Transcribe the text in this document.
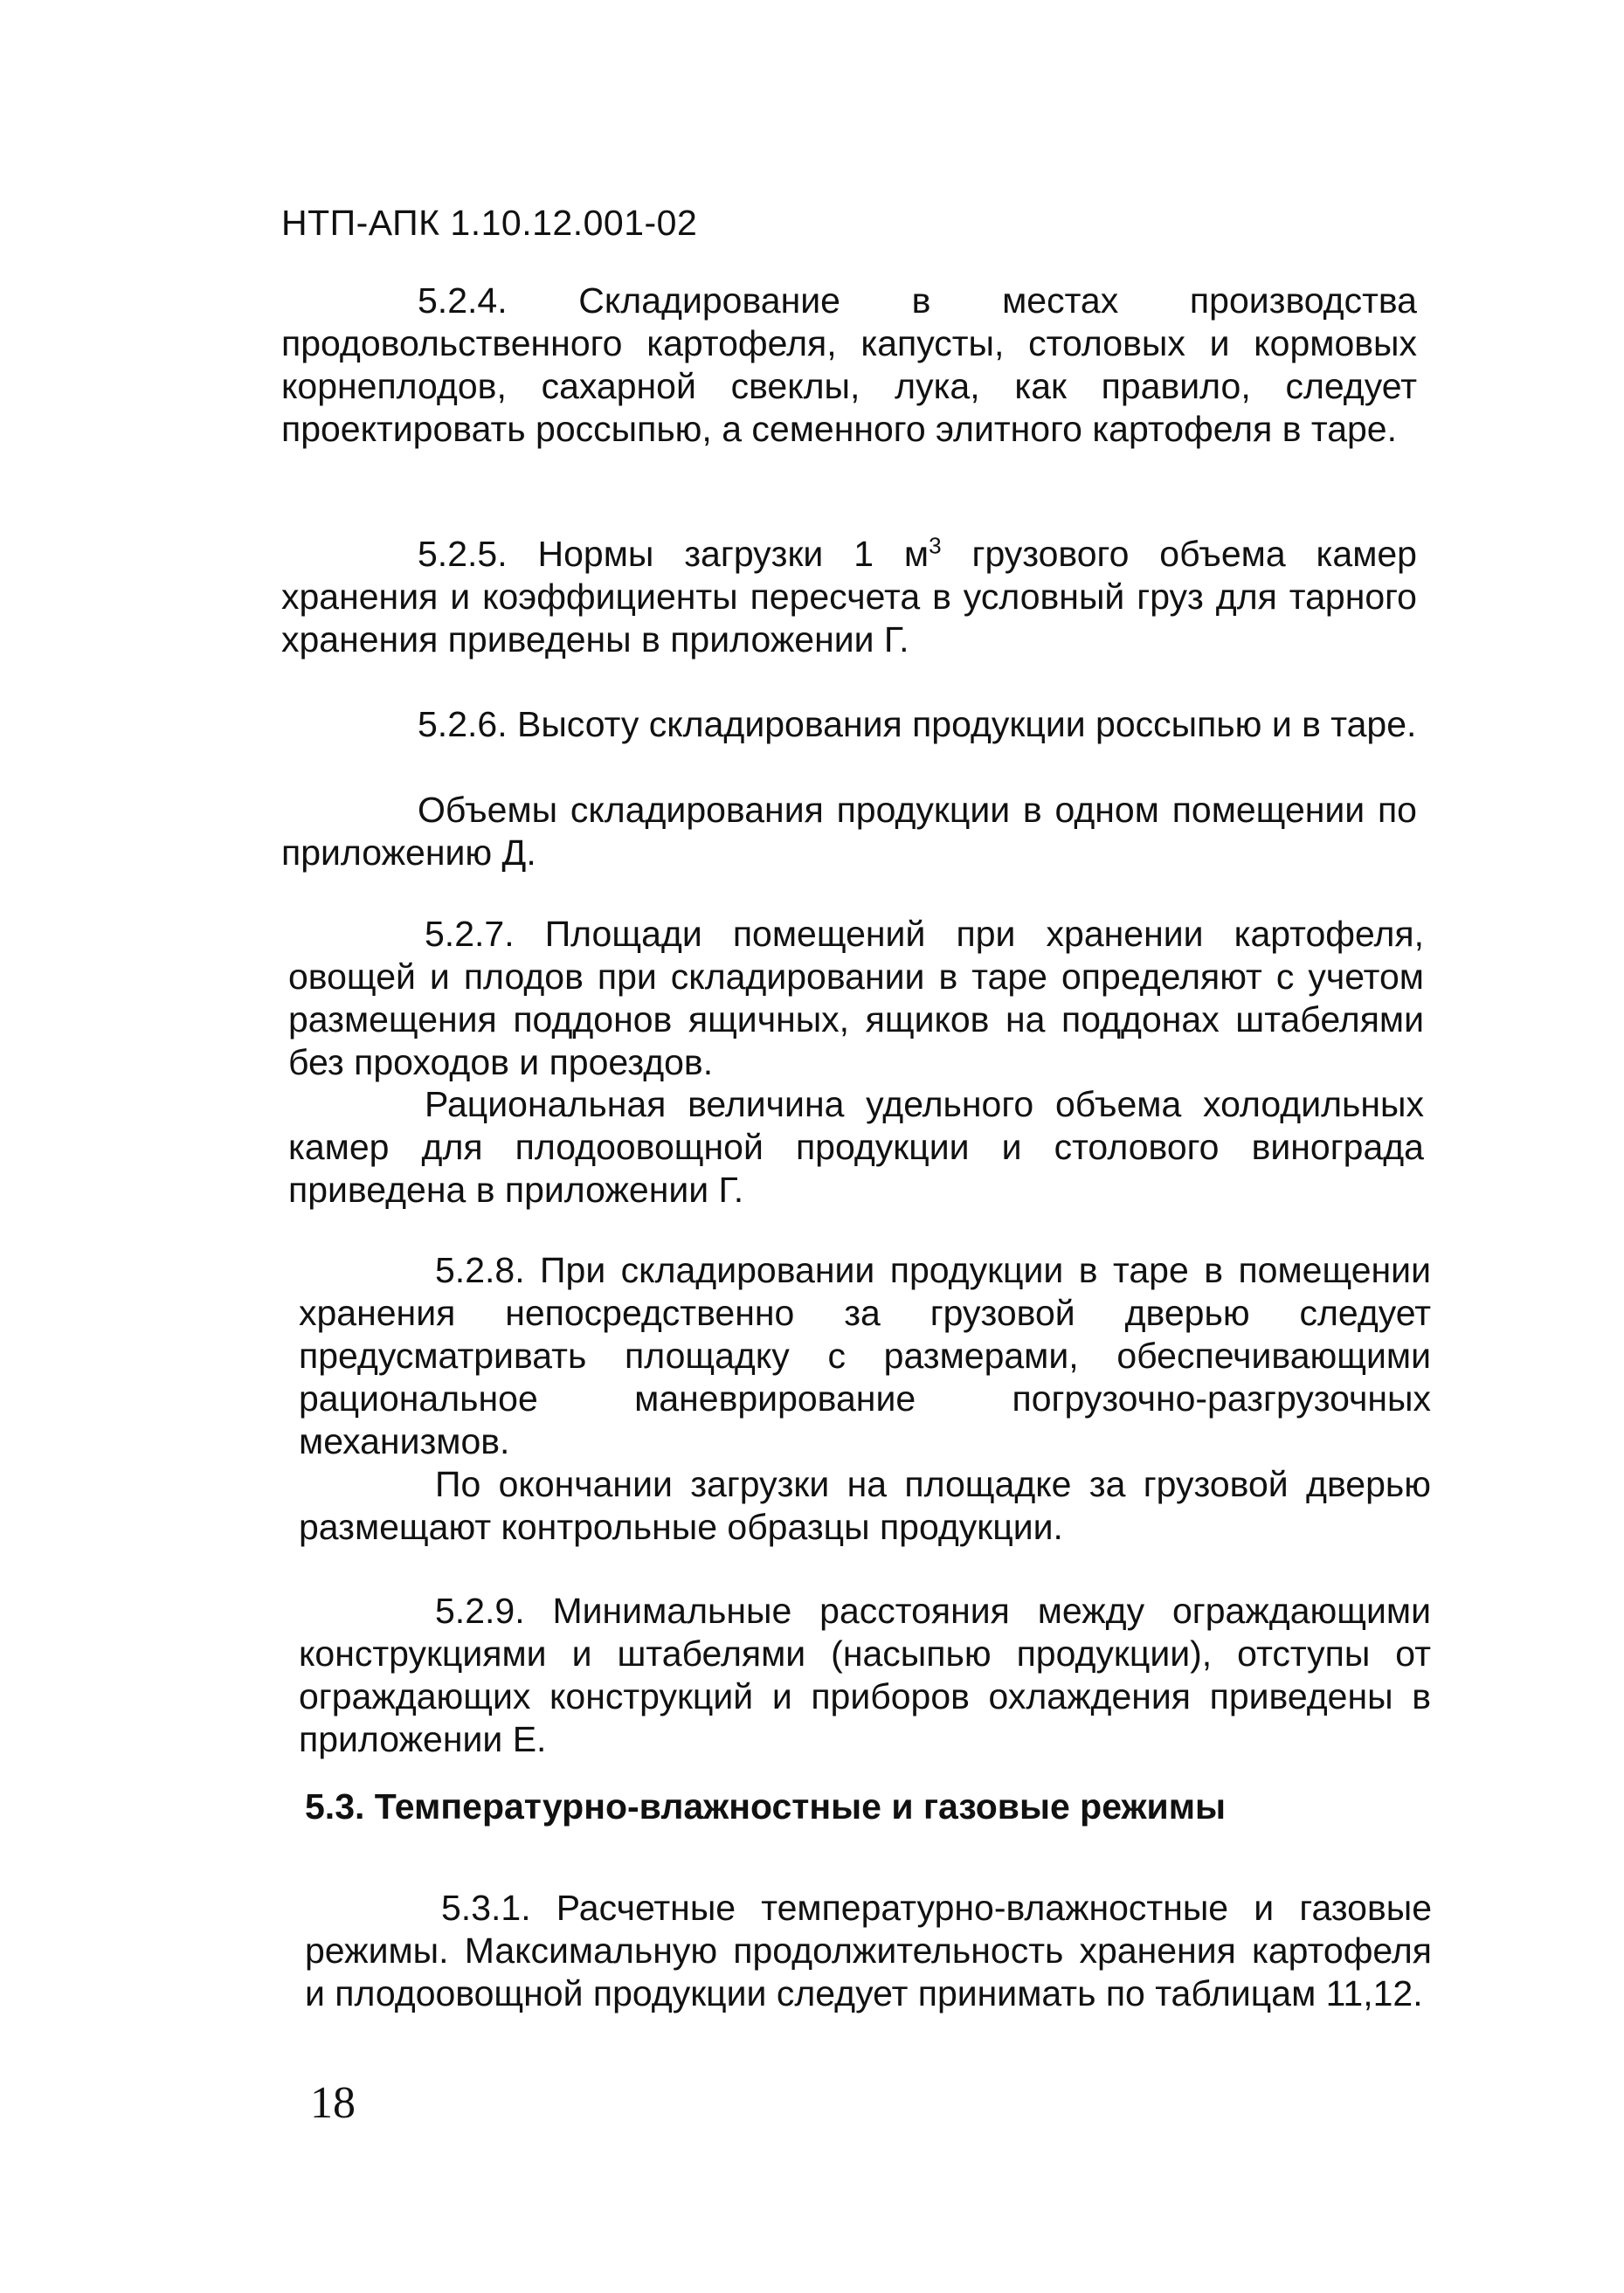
НТП-АПК 1.10.12.001-02

5.2.4. Складирование в местах производства продовольственного картофеля, капусты, столовых и кормовых корнеплодов, сахарной свеклы, лука, как правило, следует проектировать россыпью, а семенного элитного картофеля в таре.

5.2.5. Нормы загрузки 1 $м^3$ грузового объема камер хранения и коэффициенты пересчета в условный груз для тарного хранения приведены в приложении Г.

5.2.6. Высоту складирования продукции россыпью и в таре.

Объемы складирования продукции в одном помещении по приложению Д.

5.2.7. Площади помещений при хранении картофеля, овощей и плодов при складировании в таре определяют с учетом размещения поддонов ящичных, ящиков на поддонах штабелями без проходов и проездов.

Рациональная величина удельного объема холодильных камер для плодоовощной продукции и столового винограда приведена в приложении Г.

5.2.8. При складировании продукции в таре в помещении хранения непосредственно за грузовой дверью следует предусматривать площадку с размерами, обеспечивающими рациональное маневрирование погрузочно-разгрузочных механизмов.

По окончании загрузки на площадке за грузовой дверью размещают контрольные образцы продукции.

5.2.9. Минимальные расстояния между ограждающими конструкциями и штабелями (насыпью продукции), отступы от ограждающих конструкций и приборов охлаждения приведены в приложении Е.

5.3. Температурно-влажностные и газовые режимы

5.3.1. Расчетные температурно-влажностные и газовые режимы. Максимальную продолжительность хранения картофеля и плодоовощной продукции следует принимать по таблицам 11,12.

18
